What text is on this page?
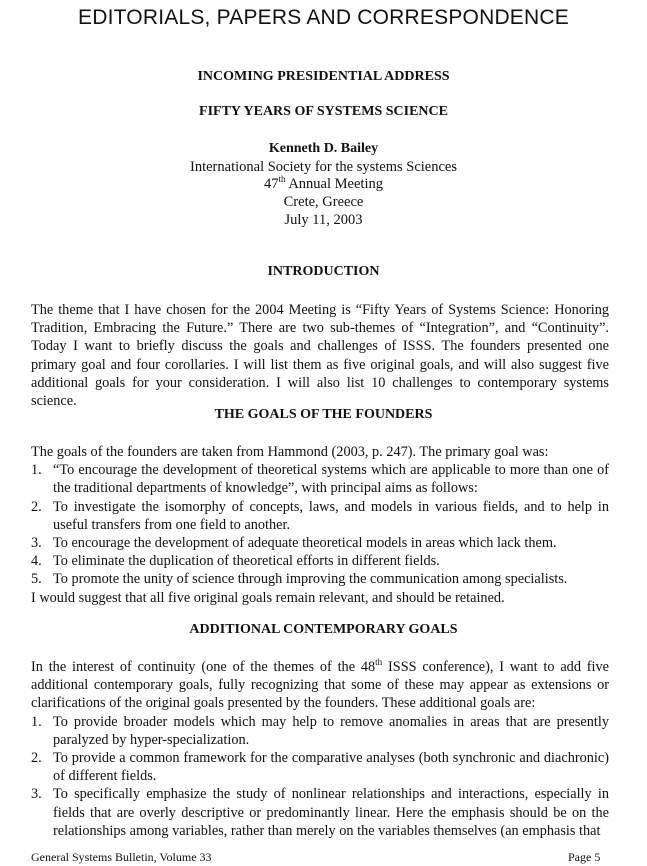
EDITORIALS, PAPERS AND CORRESPONDENCE
INCOMING PRESIDENTIAL ADDRESS
FIFTY YEARS OF SYSTEMS SCIENCE
Kenneth D. Bailey
International Society for the systems Sciences
47th Annual Meeting
Crete, Greece
July 11, 2003
INTRODUCTION

The theme that I have chosen for the 2004 Meeting is “Fifty Years of Systems Science: Honoring Tradition, Embracing the Future.” There are two sub-themes of “Integration”, and “Continuity”. Today I want to briefly discuss the goals and challenges of ISSS. The founders presented one primary goal and four corollaries. I will list them as five original goals, and will also suggest five additional goals for your consideration. I will also list 10 challenges to contemporary systems science.

THE GOALS OF THE FOUNDERS

The goals of the founders are taken from Hammond (2003, p. 247). The primary goal was:

1. “To encourage the development of theoretical systems which are applicable to more than one of the traditional departments of knowledge”, with principal aims as follows:
2. To investigate the isomorphy of concepts, laws, and models in various fields, and to help in useful transfers from one field to another.
3. To encourage the development of adequate theoretical models in areas which lack them.
4. To eliminate the duplication of theoretical efforts in different fields.
5. To promote the unity of science through improving the communication among specialists.

I would suggest that all five original goals remain relevant, and should be retained.

ADDITIONAL CONTEMPORARY GOALS

In the interest of continuity (one of the themes of the 48th ISSS conference), I want to add five additional contemporary goals, fully recognizing that some of these may appear as extensions or clarifications of the original goals presented by the founders. These additional goals are:

1. To provide broader models which may help to remove anomalies in areas that are presently paralyzed by hyper-specialization.
2. To provide a common framework for the comparative analyses (both synchronic and diachronic) of different fields.
3. To specifically emphasize the study of nonlinear relationships and interactions, especially in fields that are overly descriptive or predominantly linear. Here the emphasis should be on the relationships among variables, rather than merely on the variables themselves (an emphasis that
General Systems Bulletin, Volume 33	Page 5
